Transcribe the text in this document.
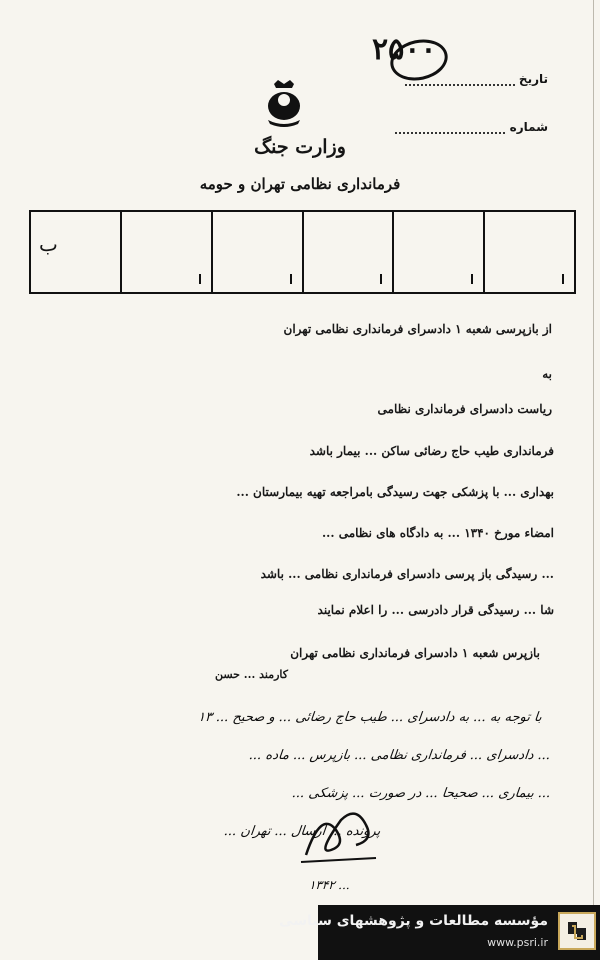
۲۵۰۰
تاریخ
شماره
وزارت جنگ
فرمانداری نظامی تهران و حومه
ﺏ
از بازپرسی شعبه ۱ دادسرای فرمانداری نظامی تهران
به
ریاست دادسرای فرمانداری نظامی
فرمانداری طیب حاج رضائی ساکن ... بیمار باشد
بهداری ... با پزشکی جهت رسیدگی بامراجعه تهیه بیمارستان ...
امضاء مورخ ۱۳۴۰ ... به دادگاه های نظامی ...
... رسیدگی باز پرسی دادسرای فرمانداری نظامی ... باشد
شا ... رسیدگی قرار دادرسی ... را اعلام نمایند
بازپرس شعبه ۱ دادسرای فرمانداری نظامی تهران
کارمند ... حسن
با توجه به ... به دادسرای ... طیب حاج رضائی ... و صحیح ... ۱۳
... دادسرای ... فرمانداری نظامی ... بازپرس ... ماده ...
... بیماری ... صحیحا ... در صورت ... پزشکی ...
پرونده ... ارسال ... تهران ...
... ۱۳۴۲
مؤسسه مطالعات و پژوهشهای سیاسی
www.psri.ir
